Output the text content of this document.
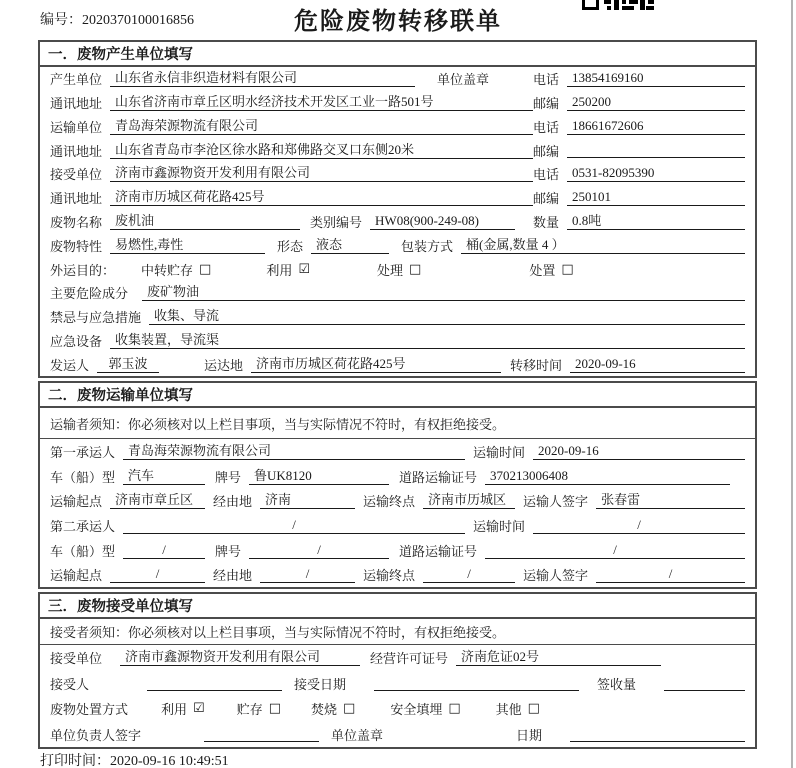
编号：2020370100016856	危险废物转移联单
一．废物产生单位填写
产生单位	山东省永信非织造材料有限公司	单位盖章	电话	13854169160
通讯地址	山东省济南市章丘区明水经济技术开发区工业一路501号	邮编	250200
运输单位	青岛海荣源物流有限公司	电话	18661672606
通讯地址	山东省青岛市李沧区徐水路和郑佛路交叉口东侧20米	邮编
接受单位	济南市鑫源物资开发利用有限公司	电话	0531-82095390
通讯地址	济南市历城区荷花路425号	邮编	250101
废物名称	废机油	类别编号	HW08(900-249-08)	数量	0.8吨
废物特性	易燃性,毒性	形态	液态	包装方式	桶(金属,数量 4 ）
外运目的： 中转贮存 □	利用 ☑	处理 □	处置 □
主要危险成分	废矿物油
禁忌与应急措施	收集、导流
应急设备	收集装置，导流渠
发运人	郭玉波	运达地	济南市历城区荷花路425号	转移时间	2020-09-16
二．废物运输单位填写
运输者须知：你必须核对以上栏目事项，当与实际情况不符时，有权拒绝接受。
第一承运人	青岛海荣源物流有限公司	运输时间	2020-09-16
车（船）型	汽车	牌号	鲁UK8120	道路运输证号	370213006408
运输起点	济南市章丘区	经由地	济南	运输终点	济南市历城区	运输人签字	张春雷
第二承运人	/	运输时间	/
车（船）型	/	牌号	/	道路运输证号	/
运输起点	/	经由地	/	运输终点	/	运输人签字	/
三．废物接受单位填写
接受者须知：你必须核对以上栏目事项，当与实际情况不符时，有权拒绝接受。
接受单位	济南市鑫源物资开发利用有限公司	经营许可证号	济南危证02号
接受人	接受日期	签收量
废物处置方式	利用 ☑ 贮存 □ 焚烧 □	安全填埋 □	其他 □
单位负责人签字	单位盖章	日期
打印时间：2020-09-16 10:49:51
